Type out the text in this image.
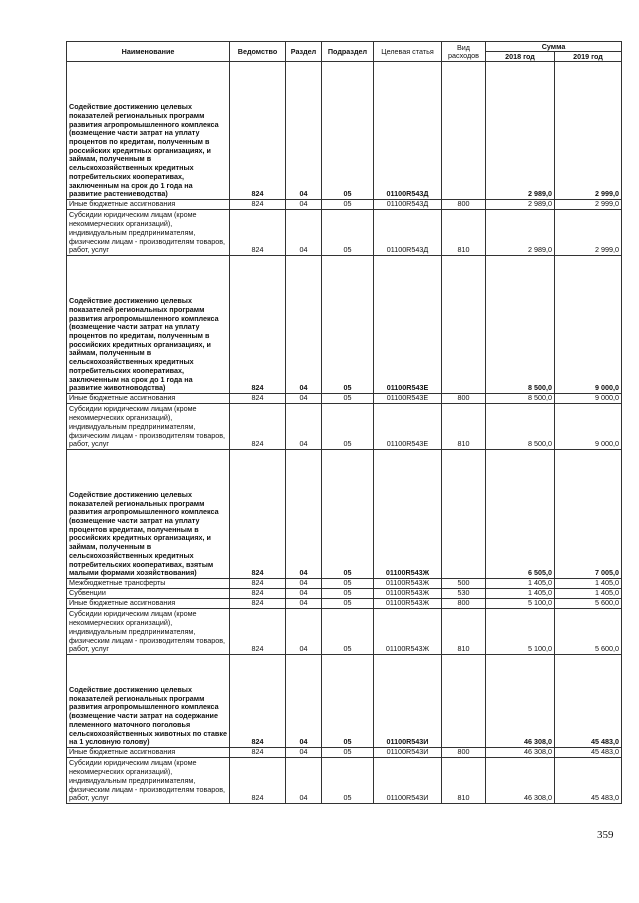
Наименование	Ведомство	Раздел	Подраздел	Целевая статья	Вид расходов	Сумма	
						2018 год	2019 год
Содействие достижению целевых показателей региональных программ развития агропромышленного комплекса (возмещение части затрат на уплату процентов по кредитам, полученным в российских кредитных организациях, и займам, полученным в сельскохозяйственных кредитных потребительских кооперативах, заключенным на срок до 1 года на развитие растениеводства)	824	04	05	01100R543Д		2 989,0	2 999,0
Иные бюджетные ассигнования	824	04	05	01100R543Д	800	2 989,0	2 999,0
Субсидии юридическим лицам (кроме некоммерческих организаций), индивидуальным предпринимателям, физическим лицам - производителям товаров, работ, услуг	824	04	05	01100R543Д	810	2 989,0	2 999,0
Содействие достижению целевых показателей региональных программ развития агропромышленного комплекса (возмещение части затрат на уплату процентов по кредитам, полученным в российских кредитных организациях, и займам, полученным в сельскохозяйственных кредитных потребительских кооперативах, заключенным на срок до 1 года на развитие животноводства)	824	04	05	01100R543Е		8 500,0	9 000,0
Иные бюджетные ассигнования	824	04	05	01100R543Е	800	8 500,0	9 000,0
Субсидии юридическим лицам (кроме некоммерческих организаций), индивидуальным предпринимателям, физическим лицам - производителям товаров, работ, услуг	824	04	05	01100R543Е	810	8 500,0	9 000,0
Содействие достижению целевых показателей региональных программ развития агропромышленного комплекса (возмещение части затрат на уплату процентов кредитам, полученным в российских кредитных организациях, и займам, полученным в сельскохозяйственных кредитных потребительских кооперативах, взятым малыми формами хозяйствования)	824	04	05	01100R543Ж		6 505,0	7 005,0
Межбюджетные трансферты	824	04	05	01100R543Ж	500	1 405,0	1 405,0
Субвенции	824	04	05	01100R543Ж	530	1 405,0	1 405,0
Иные бюджетные ассигнования	824	04	05	01100R543Ж	800	5 100,0	5 600,0
Субсидии юридическим лицам (кроме некоммерческих организаций), индивидуальным предпринимателям, физическим лицам - производителям товаров, работ, услуг	824	04	05	01100R543Ж	810	5 100,0	5 600,0
Содействие достижению целевых показателей региональных программ развития агропромышленного комплекса (возмещение части затрат на содержание племенного маточного поголовья сельскохозяйственных животных по ставке на 1 условную голову)	824	04	05	01100R543И		46 308,0	45 483,0
Иные бюджетные ассигнования	824	04	05	01100R543И	800	46 308,0	45 483,0
Субсидии юридическим лицам (кроме некоммерческих организаций), индивидуальным предпринимателям, физическим лицам - производителям товаров, работ, услуг	824	04	05	01100R543И	810	46 308,0	45 483,0
359
